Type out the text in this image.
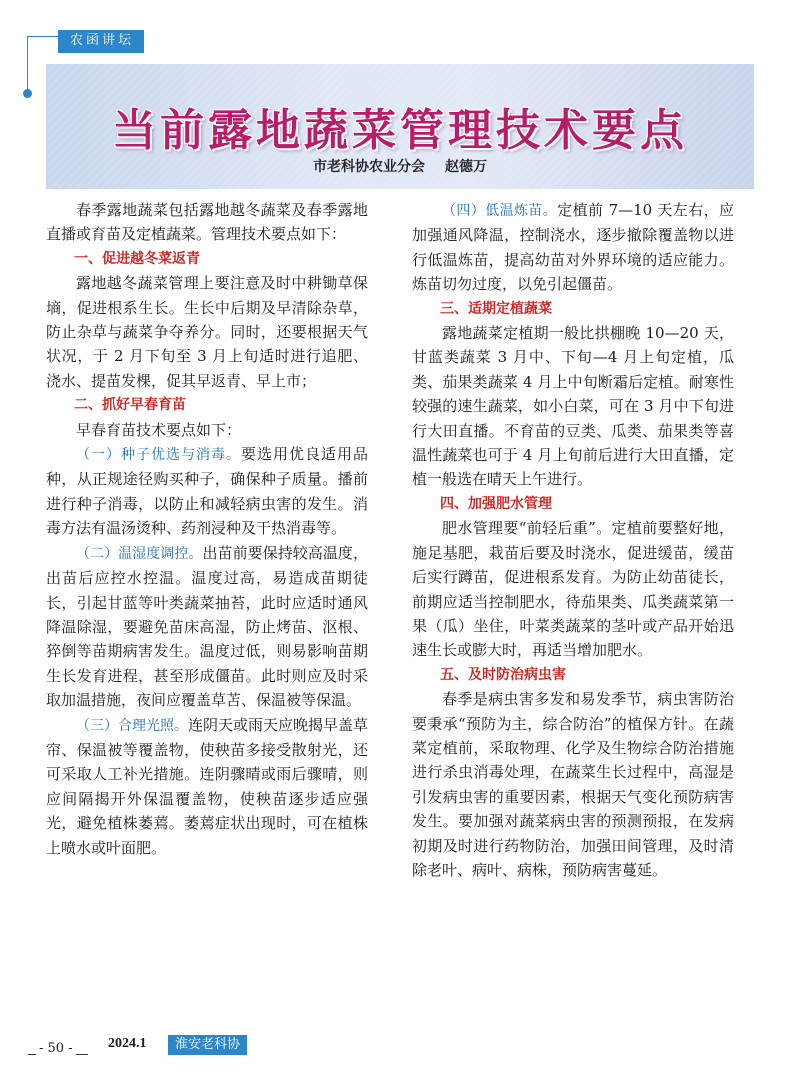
农函讲坛
当前露地蔬菜管理技术要点
市老科协农业分会 赵德万

春季露地蔬菜包括露地越冬蔬菜及春季露地直播或育苗及定植蔬菜。管理技术要点如下：

一、促进越冬菜返青

露地越冬蔬菜管理上要注意及时中耕锄草保墒，促进根系生长。生长中后期及早清除杂草，防止杂草与蔬菜争夺养分。同时，还要根据天气状况，于 2 月下旬至 3 月上旬适时进行追肥、浇水、提苗发棵，促其早返青、早上市；

二、抓好早春育苗

早春育苗技术要点如下：

（一）种子优选与消毒。要选用优良适用品种，从正规途径购买种子，确保种子质量。播前进行种子消毒，以防止和减轻病虫害的发生。消毒方法有温汤烫种、药剂浸种及干热消毒等。

（二）温湿度调控。出苗前要保持较高温度，出苗后应控水控温。温度过高，易造成苗期徒长，引起甘蓝等叶类蔬菜抽苔，此时应适时通风降温除湿，要避免苗床高湿，防止烤苗、沤根、猝倒等苗期病害发生。温度过低，则易影响苗期生长发育进程，甚至形成僵苗。此时则应及时采取加温措施，夜间应覆盖草苫、保温被等保温。

（三）合理光照。连阴天或雨天应晚揭早盖草帘、保温被等覆盖物，使秧苗多接受散射光，还可采取人工补光措施。连阴骤晴或雨后骤晴，则应间隔揭开外保温覆盖物，使秧苗逐步适应强光，避免植株萎蔫。萎蔫症状出现时，可在植株上喷水或叶面肥。

（四）低温炼苗。定植前 7—10 天左右，应加强通风降温，控制浇水，逐步撤除覆盖物以进行低温炼苗，提高幼苗对外界环境的适应能力。炼苗切勿过度，以免引起僵苗。

三、适期定植蔬菜

露地蔬菜定植期一般比拱棚晚 10—20 天，甘蓝类蔬菜 3 月中、下旬—4 月上旬定植，瓜类、茄果类蔬菜 4 月上中旬断霜后定植。耐寒性较强的速生蔬菜，如小白菜，可在 3 月中下旬进行大田直播。不育苗的豆类、瓜类、茄果类等喜温性蔬菜也可于 4 月上旬前后进行大田直播，定植一般选在晴天上午进行。

四、加强肥水管理

肥水管理要“前轻后重”。定植前要整好地，施足基肥，栽苗后要及时浇水，促进缓苗，缓苗后实行蹲苗，促进根系发育。为防止幼苗徒长，前期应适当控制肥水，待茄果类、瓜类蔬菜第一果（瓜）坐住，叶菜类蔬菜的茎叶或产品开始迅速生长或膨大时，再适当增加肥水。

五、及时防治病虫害

春季是病虫害多发和易发季节，病虫害防治要秉承“预防为主，综合防治”的植保方针。在蔬菜定植前，采取物理、化学及生物综合防治措施进行杀虫消毒处理，在蔬菜生长过程中，高湿是引发病虫害的重要因素，根据天气变化预防病害发生。要加强对蔬菜病虫害的预测预报，在发病初期及时进行药物防治，加强田间管理，及时清除老叶、病叶、病株，预防病害蔓延。

- 50 -	2024.1	淮安老科协
